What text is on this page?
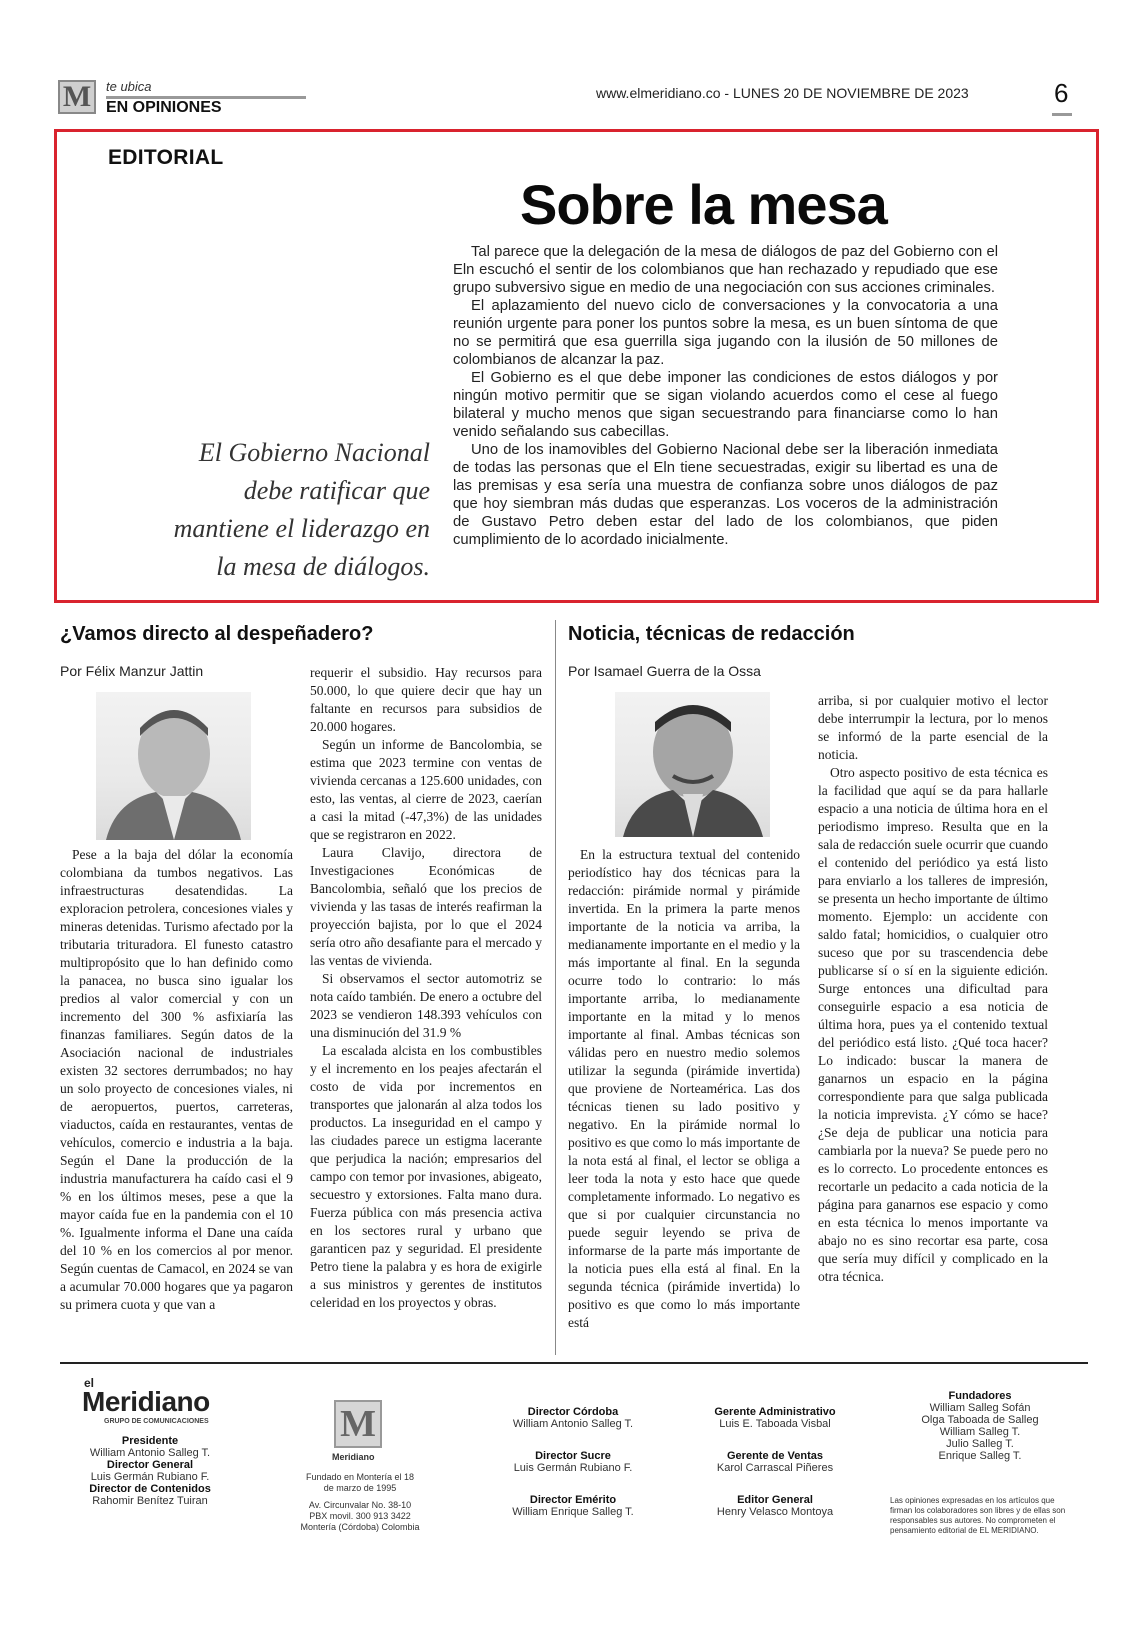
M	te ubica
EN OPINIONES
www.elmeridiano.co - LUNES 20 DE NOVIEMBRE DE 2023	6
EDITORIAL
Sobre la mesa
El Gobierno Nacional debe ratificar que mantiene el liderazgo en la mesa de diálogos.

Tal parece que la delegación de la mesa de diálogos de paz del Gobierno con el Eln escuchó el sentir de los colombianos que han rechazado y repudiado que ese grupo subversivo sigue en medio de una negociación con sus acciones criminales.

El aplazamiento del nuevo ciclo de conversaciones y la convocatoria a una reunión urgente para poner los puntos sobre la mesa, es un buen síntoma de que no se permitirá que esa guerrilla siga jugando con la ilusión de 50 millones de colombianos de alcanzar la paz.

El Gobierno es el que debe imponer las condiciones de estos diálogos y por ningún motivo permitir que se sigan violando acuerdos como el cese al fuego bilateral y mucho menos que sigan secuestrando para financiarse como lo han venido señalando sus cabecillas.

Uno de los inamovibles del Gobierno Nacional debe ser la liberación inmediata de todas las personas que el Eln tiene secuestradas, exigir su libertad es una de las premisas y esa sería una muestra de confianza sobre unos diálogos de paz que hoy siembran más dudas que esperanzas. Los voceros de la administración de Gustavo Petro deben estar del lado de los colombianos, que piden cumplimiento de lo acordado inicialmente.

¿Vamos directo al despeñadero?
Por Félix Manzur Jattin

Pese a la baja del dólar la economía colombiana da tumbos negativos. Las infraestructuras desatendidas. La exploracion petrolera, concesiones viales y mineras detenidas. Turismo afectado por la tributaria trituradora. El funesto catastro multipropósito que lo han definido como la panacea, no busca sino igualar los predios al valor comercial y con un incremento del 300 % asfixiaría las finanzas familiares. Según datos de la Asociación nacional de industriales existen 32 sectores derrumbados; no hay un solo proyecto de concesiones viales, ni de aeropuertos, puertos, carreteras, viaductos, caída en restaurantes, ventas de vehículos, comercio e industria a la baja. Según el Dane la producción de la industria manufacturera ha caído casi el 9 % en los últimos meses, pese a que la mayor caída fue en la pandemia con el 10 %. Igualmente informa el Dane una caída del 10 % en los comercios al por menor. Según cuentas de Camacol, en 2024 se van a acumular 70.000 hogares que ya pagaron su primera cuota y que van a

requerir el subsidio. Hay recursos para 50.000, lo que quiere decir que hay un faltante en recursos para subsidios de 20.000 hogares.

Según un informe de Bancolombia, se estima que 2023 termine con ventas de vivienda cercanas a 125.600 unidades, con esto, las ventas, al cierre de 2023, caerían a casi la mitad (-47,3%) de las unidades que se registraron en 2022.

Laura Clavijo, directora de Investigaciones Económicas de Bancolombia, señaló que los precios de vivienda y las tasas de interés reafirman la proyección bajista, por lo que el 2024 sería otro año desafiante para el mercado y las ventas de vivienda.

Si observamos el sector automotriz se nota caído también. De enero a octubre del 2023 se vendieron 148.393 vehículos con una disminución del 31.9 %

La escalada alcista en los combustibles y el incremento en los peajes afectarán el costo de vida por incrementos en transportes que jalonarán al alza todos los productos. La inseguridad en el campo y las ciudades parece un estigma lacerante que perjudica la nación; empresarios del campo con temor por invasiones, abigeato, secuestro y extorsiones. Falta mano dura. Fuerza pública con más presencia activa en los sectores rural y urbano que garanticen paz y seguridad. El presidente Petro tiene la palabra y es hora de exigirle a sus ministros y gerentes de institutos celeridad en los proyectos y obras.

Noticia, técnicas de redacción
Por Isamael Guerra de la Ossa

En la estructura textual del contenido periodístico hay dos técnicas para la redacción: pirámide normal y pirámide invertida. En la primera la parte menos importante de la noticia va arriba, la medianamente importante en el medio y la más importante al final. En la segunda ocurre todo lo contrario: lo más importante arriba, lo medianamente importante en la mitad y lo menos importante al final. Ambas técnicas son válidas pero en nuestro medio solemos utilizar la segunda (pirámide invertida) que proviene de Norteamérica. Las dos técnicas tienen su lado positivo y negativo. En la pirámide normal lo positivo es que como lo más importante de la nota está al final, el lector se obliga a leer toda la nota y esto hace que quede completamente informado. Lo negativo es que si por cualquier circunstancia no puede seguir leyendo se priva de informarse de la parte más importante de la noticia pues ella está al final. En la segunda técnica (pirámide invertida) lo positivo es que como lo más importante está

arriba, si por cualquier motivo el lector debe interrumpir la lectura, por lo menos se informó de la parte esencial de la noticia.

Otro aspecto positivo de esta técnica es la facilidad que aquí se da para hallarle espacio a una noticia de última hora en el periodismo impreso. Resulta que en la sala de redacción suele ocurrir que cuando el contenido del periódico ya está listo para enviarlo a los talleres de impresión, se presenta un hecho importante de último momento. Ejemplo: un accidente con saldo fatal; homicidios, o cualquier otro suceso que por su trascendencia debe publicarse sí o sí en la siguiente edición. Surge entonces una dificultad para conseguirle espacio a esa noticia de última hora, pues ya el contenido textual del periódico está listo. ¿Qué toca hacer? Lo indicado: buscar la manera de ganarnos un espacio en la página correspondiente para que salga publicada la noticia imprevista. ¿Y cómo se hace? ¿Se deja de publicar una noticia para cambiarla por la nueva? Se puede pero no es lo correcto. Lo procedente entonces es recortarle un pedacito a cada noticia de la página para ganarnos ese espacio y como en esta técnica lo menos importante va abajo no es sino recortar esa parte, cosa que sería muy difícil y complicado en la otra técnica.

el
Meridiano
GRUPO DE COMUNICACIONES
Presidente
William Antonio Salleg T.
Director General
Luis Germán Rubiano F.
Director de Contenidos
Rahomir Benítez Tuiran
M
Meridiano
Fundado en Montería el 18 de marzo de 1995
Av. Circunvalar No. 38-10 PBX movil. 300 913 3422 Montería (Córdoba) Colombia
Director Córdoba
William Antonio Salleg T.
Director Sucre
Luis Germán Rubiano F.
Director Emérito
William Enrique Salleg T.
Gerente Administrativo
Luis E. Taboada Visbal
Gerente de Ventas
Karol Carrascal Piñeres
Editor General
Henry Velasco Montoya
Fundadores
William Salleg Sofán
Olga Taboada de Salleg
William Salleg T.
Julio Salleg T.
Enrique Salleg T.
Las opiniones expresadas en los artículos que firman los colaboradores son libres y de ellas son responsables sus autores. No comprometen el pensamiento editorial de EL MERIDIANO.
